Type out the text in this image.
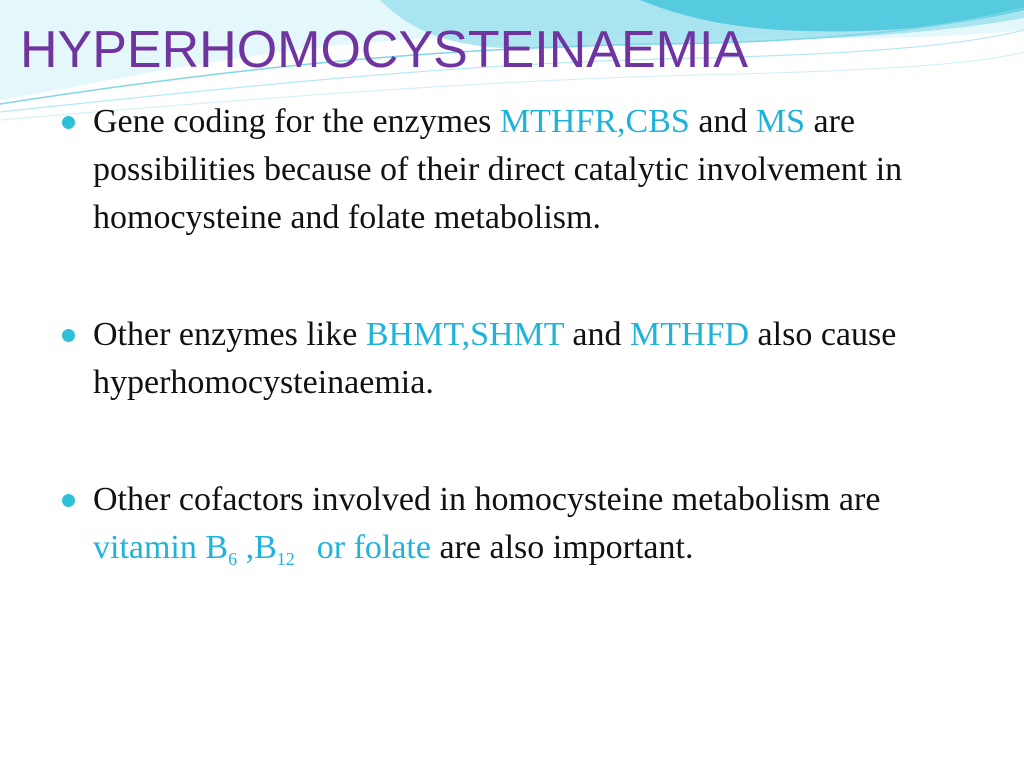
HYPERHOMOCYSTEINAEMIA
Gene coding for the enzymes MTHFR,CBS and MS are possibilities because of their direct catalytic involvement in homocysteine and folate metabolism.
Other enzymes like BHMT,SHMT and MTHFD also cause hyperhomocysteinaemia.
Other cofactors involved in homocysteine metabolism are vitamin $B_6$ $,B_{12}$ or folate are also important.
